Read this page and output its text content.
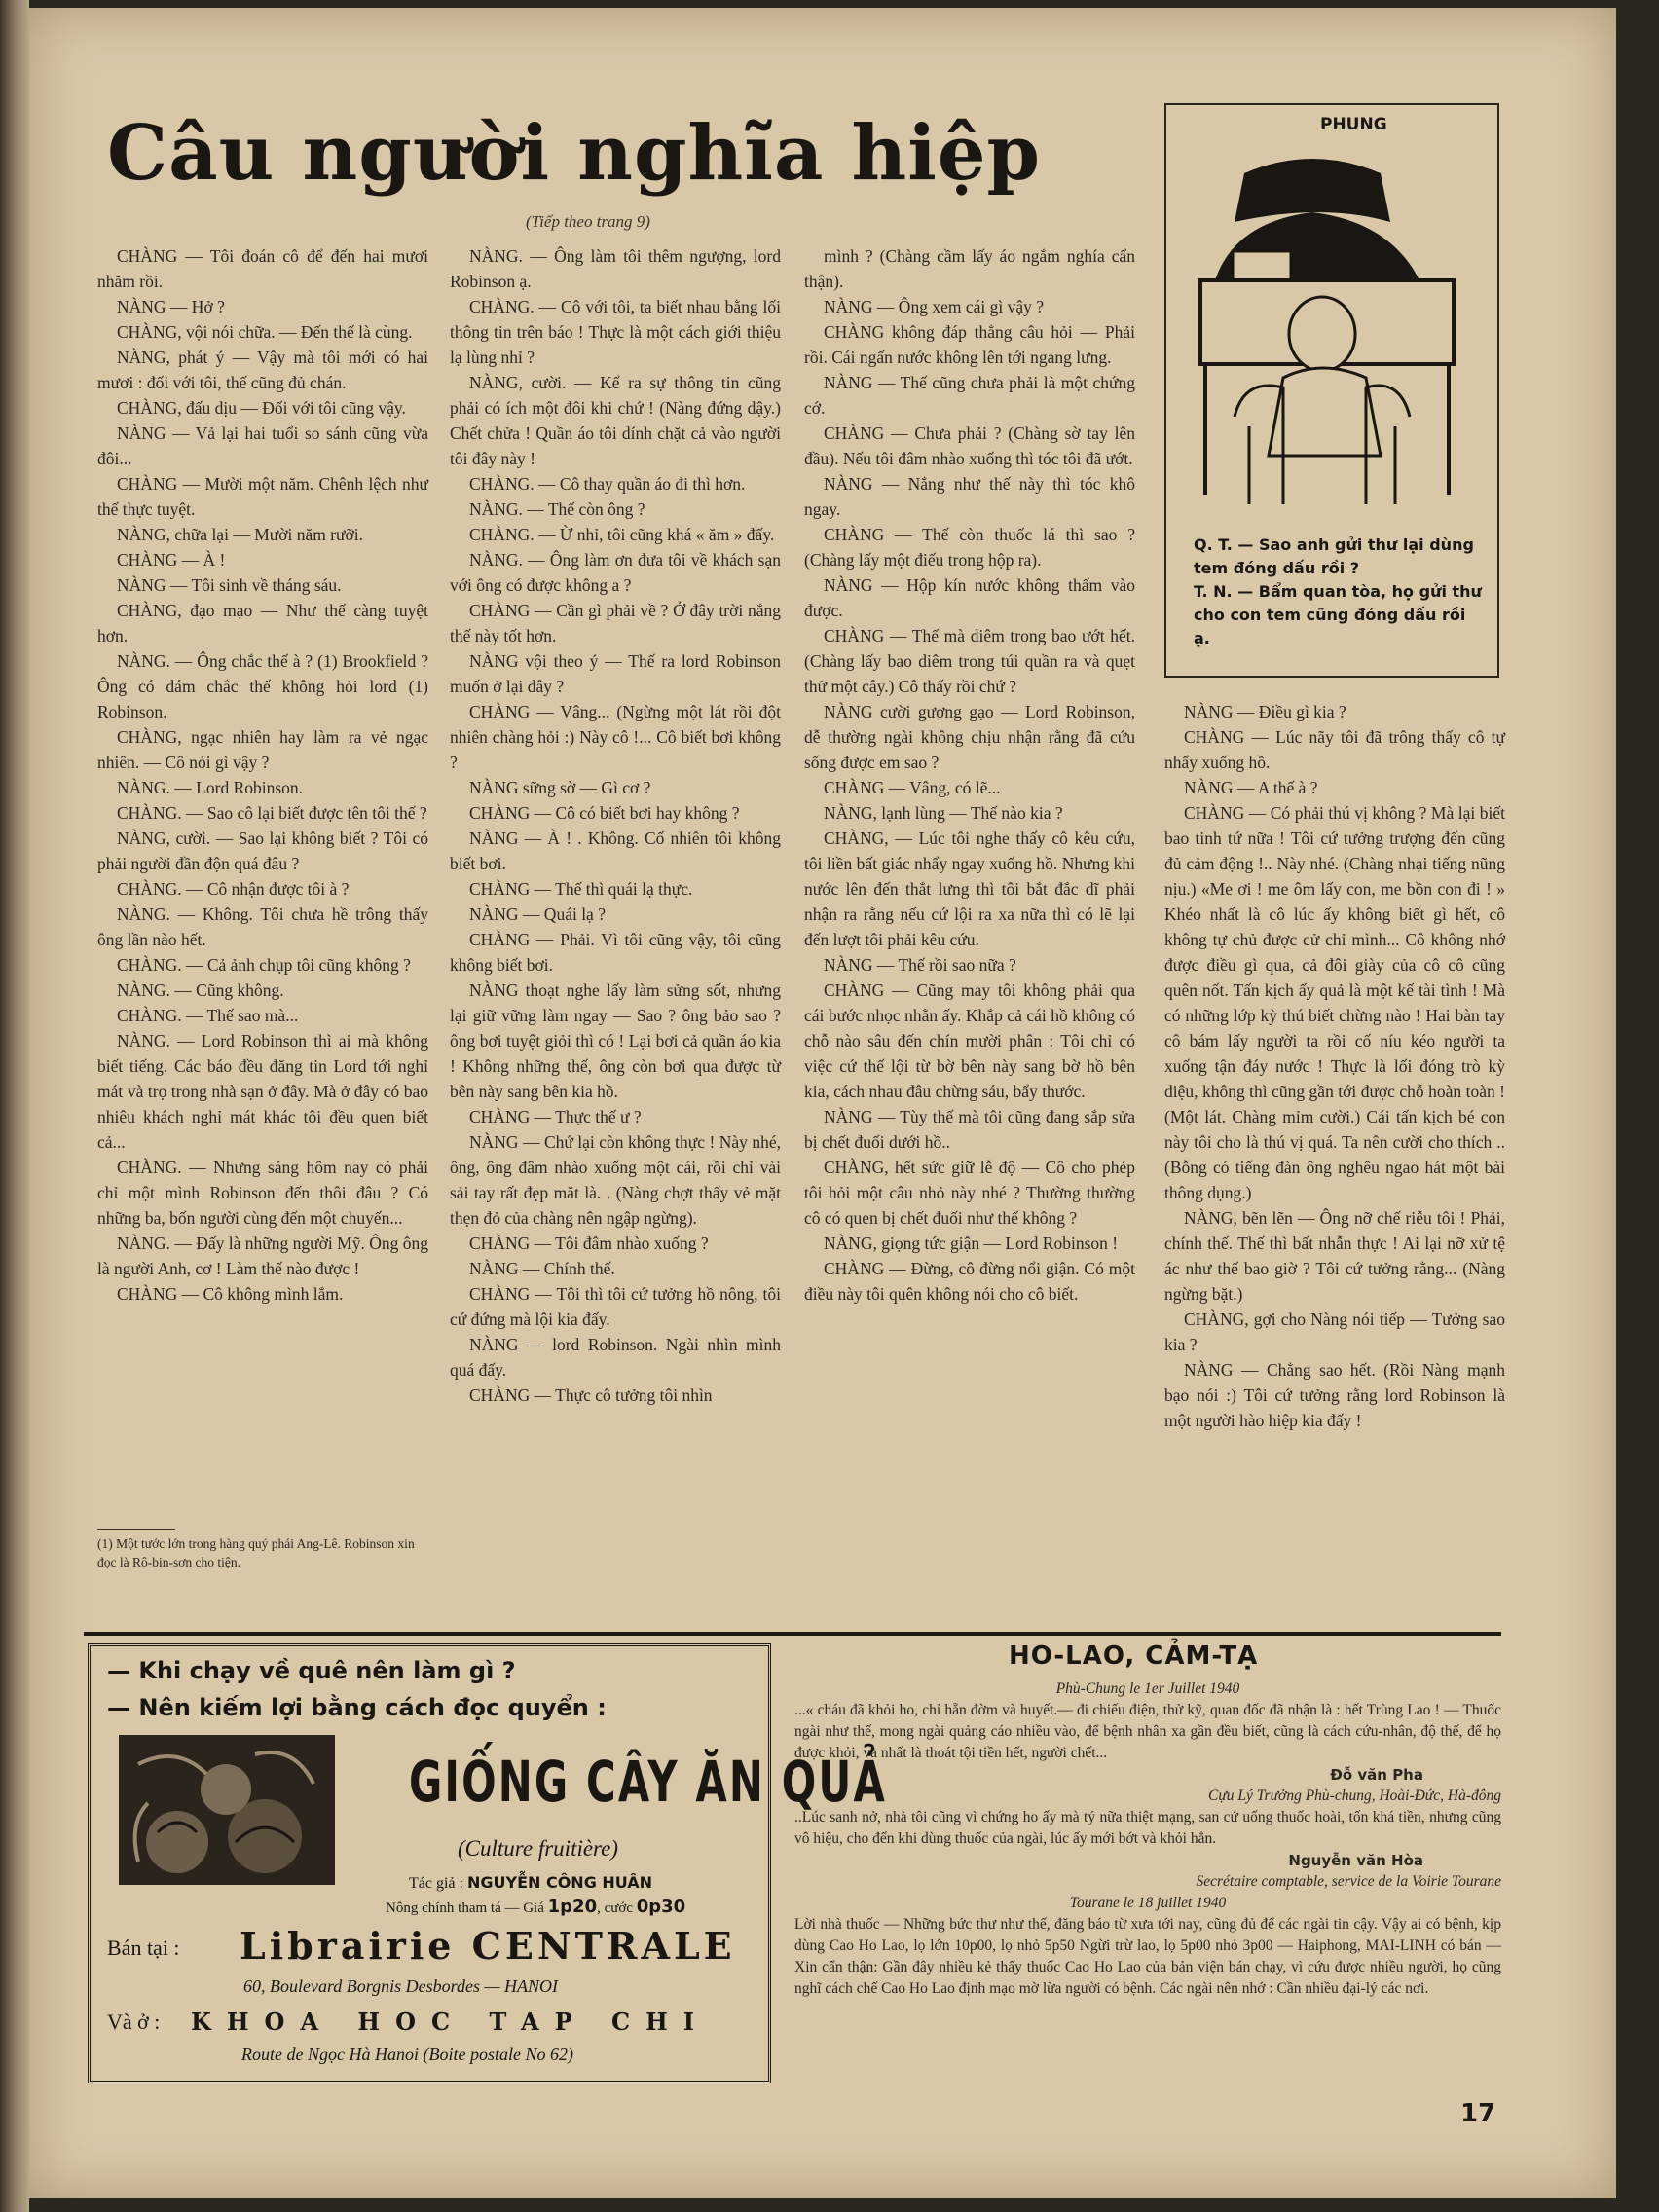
Câu người nghĩa hiệp
(Tiếp theo trang 9)

CHÀNG — Tôi đoán cô để đến hai mươi nhăm rồi.

NÀNG — Hở ?

CHÀNG, vội nói chữa. — Đến thế là cùng.

NÀNG, phát ý — Vậy mà tôi mới có hai mươi : đối với tôi, thế cũng đủ chán.

CHÀNG, đấu dịu — Đối với tôi cũng vậy.

NÀNG — Vả lại hai tuổi so sánh cũng vừa đôi...

CHÀNG — Mười một năm. Chênh lệch như thế thực tuyệt.

NÀNG, chữa lại — Mười năm rưỡi.

CHÀNG — À !

NÀNG — Tôi sinh về tháng sáu.

CHÀNG, đạo mạo — Như thế càng tuyệt hơn.

NÀNG. — Ông chắc thế à ? (1) Brookfield ? Ông có dám chắc thế không hỏi lord (1) Robinson.

CHÀNG, ngạc nhiên hay làm ra vẻ ngạc nhiên. — Cô nói gì vậy ?

NÀNG. — Lord Robinson.

CHÀNG. — Sao cô lại biết được tên tôi thế ?

NÀNG, cười. — Sao lại không biết ? Tôi có phải người đần độn quá đâu ?

CHÀNG. — Cô nhận được tôi à ?

NÀNG. — Không. Tôi chưa hề trông thấy ông lần nào hết.

CHÀNG. — Cả ảnh chụp tôi cũng không ?

NÀNG. — Cũng không.

CHÀNG. — Thế sao mà...

NÀNG. — Lord Robinson thì ai mà không biết tiếng. Các báo đều đăng tin Lord tới nghỉ mát và trọ trong nhà sạn ở đây. Mà ở đây có bao nhiêu khách nghỉ mát khác tôi đều quen biết cả...

CHÀNG. — Nhưng sáng hôm nay có phải chỉ một mình Robinson đến thôi đâu ? Có những ba, bốn người cùng đến một chuyến...

NÀNG. — Đấy là những người Mỹ. Ông ông là người Anh, cơ ! Làm thế nào được !

CHÀNG — Cô không mình lắm.

(1) Một tước lớn trong hàng quý phái Ang-Lê. Robinson xin đọc là Rô-bin-sơn cho tiện.

NÀNG. — Ông làm tôi thêm ngượng, lord Robinson ạ.

CHÀNG. — Cô với tôi, ta biết nhau bằng lối thông tin trên báo ! Thực là một cách giới thiệu lạ lùng nhỉ ?

NÀNG, cười. — Kể ra sự thông tin cũng phải có ích một đôi khi chứ ! (Nàng đứng dậy.) Chết chửa ! Quần áo tôi dính chặt cả vào người tôi đây này !

CHÀNG. — Cô thay quần áo đi thì hơn.

NÀNG. — Thế còn ông ?

CHÀNG. — Ừ nhỉ, tôi cũng khá « ăm » đấy.

NÀNG. — Ông làm ơn đưa tôi về khách sạn với ông có được không a ?

CHÀNG — Cần gì phải về ? Ở đây trời nắng thế này tốt hơn.

NÀNG vội theo ý — Thế ra lord Robinson muốn ở lại đây ?

CHÀNG — Vâng... (Ngừng một lát rồi đột nhiên chàng hỏi :) Này cô !... Cô biết bơi không ?

NÀNG sững sờ — Gì cơ ?

CHÀNG — Cô có biết bơi hay không ?

NÀNG — À ! . Không. Cố nhiên tôi không biết bơi.

CHÀNG — Thế thì quái lạ thực.

NÀNG — Quái lạ ?

CHÀNG — Phải. Vì tôi cũng vậy, tôi cũng không biết bơi.

NÀNG thoạt nghe lấy làm sửng sốt, nhưng lại giữ vững làm ngay — Sao ? ông bảo sao ? ông bơi tuyệt giỏi thì có ! Lại bơi cả quần áo kia ! Không những thế, ông còn bơi qua được từ bên này sang bên kia hồ.

CHÀNG — Thực thế ư ?

NÀNG — Chứ lại còn không thực ! Này nhé, ông, ông đâm nhào xuống một cái, rồi chỉ vài sải tay rất đẹp mắt là. . (Nàng chợt thấy vẻ mặt thẹn đỏ của chàng nên ngập ngừng).

CHÀNG — Tôi đâm nhào xuống ?

NÀNG — Chính thế.

CHÀNG — Tôi thì tôi cứ tưởng hồ nông, tôi cứ đứng mà lội kia đấy.

NÀNG — lord Robinson. Ngài nhìn mình quá đấy.

CHÀNG — Thực cô tưởng tôi nhìn

mình ? (Chàng cầm lấy áo ngắm nghía cẩn thận).

NÀNG — Ông xem cái gì vậy ?

CHÀNG không đáp thẳng câu hỏi — Phải rồi. Cái ngấn nước không lên tới ngang lưng.

NÀNG — Thế cũng chưa phải là một chứng cớ.

CHÀNG — Chưa phải ? (Chàng sờ tay lên đầu). Nếu tôi đâm nhào xuống thì tóc tôi đã ướt.

NÀNG — Nắng như thế này thì tóc khô ngay.

CHÀNG — Thế còn thuốc lá thì sao ? (Chàng lấy một điếu trong hộp ra).

NÀNG — Hộp kín nước không thấm vào được.

CHÀNG — Thế mà diêm trong bao ướt hết. (Chàng lấy bao diêm trong túi quần ra và quẹt thử một cây.) Cô thấy rồi chứ ?

NÀNG cười gượng gạo — Lord Robinson, dễ thường ngài không chịu nhận rằng đã cứu sống được em sao ?

CHÀNG — Vâng, có lẽ...

NÀNG, lạnh lùng — Thế nào kia ?

CHÀNG, — Lúc tôi nghe thấy cô kêu cứu, tôi liền bất giác nhẩy ngay xuống hồ. Nhưng khi nước lên đến thắt lưng thì tôi bắt đắc dĩ phải nhận ra rằng nếu cứ lội ra xa nữa thì có lẽ lại đến lượt tôi phải kêu cứu.

NÀNG — Thế rồi sao nữa ?

CHÀNG — Cũng may tôi không phải qua cái bước nhọc nhằn ấy. Khắp cả cái hồ không có chỗ nào sâu đến chín mười phân : Tôi chỉ có việc cứ thế lội từ bờ bên này sang bờ hồ bên kia, cách nhau đâu chừng sáu, bẩy thước.

NÀNG — Tùy thế mà tôi cũng đang sắp sửa bị chết đuối dưới hồ..

CHÀNG, hết sức giữ lễ độ — Cô cho phép tôi hỏi một câu nhỏ này nhé ? Thường thường cô có quen bị chết đuối như thế không ?

NÀNG, giọng tức giận — Lord Robinson !

CHÀNG — Đừng, cô đừng nổi giận. Có một điều này tôi quên không nói cho cô biết.

NÀNG — Điều gì kia ?

CHÀNG — Lúc nãy tôi đã trông thấy cô tự nhẩy xuống hồ.

NÀNG — A thế à ?

CHÀNG — Có phải thú vị không ? Mà lại biết bao tinh tứ nữa ! Tôi cứ tưởng trượng đến cũng đủ cảm động !.. Này nhé. (Chàng nhại tiếng nũng nịu.) «Me ơi ! me ôm lấy con, me bồn con đi ! » Khéo nhất là cô lúc ấy không biết gì hết, cô không tự chủ được cử chỉ mình... Cô không nhớ được điều gì qua, cả đôi giày của cô cô cũng quên nốt. Tấn kịch ấy quả là một kế tài tình ! Mà có những lớp kỳ thú biết chừng nào ! Hai bàn tay cô bám lấy người ta rồi cố níu kéo người ta xuống tận đáy nước ! Thực là lối đóng trò kỳ diệu, không thì cũng gần tới được chỗ hoàn toàn ! (Một lát. Chàng mỉm cười.) Cái tấn kịch bé con này tôi cho là thú vị quá. Ta nên cười cho thích .. (Bỗng có tiếng đàn ông nghêu ngao hát một bài thông dụng.)

NÀNG, bẽn lẽn — Ông nỡ chế riễu tôi ! Phải, chính thế. Thế thì bất nhẫn thực ! Ai lại nỡ xử tệ ác như thế bao giờ ? Tôi cứ tưởng rằng... (Nàng ngừng bặt.)

CHÀNG, gợi cho Nàng nói tiếp — Tưởng sao kia ?

NÀNG — Chẳng sao hết. (Rồi Nàng mạnh bạo nói :) Tôi cứ tưởng rằng lord Robinson là một người hào hiệp kia đấy !

PHUNG

Q. T. — Sao anh gửi thư lại dùng tem đóng dấu rồi ?

T. N. — Bẩm quan tòa, họ gửi thư cho con tem cũng đóng dấu rồi ạ.

— Khi chạy về quê nên làm gì ?
— Nên kiếm lợi bằng cách đọc quyển :
GIỐNG CÂY ĂN QUẢ
(Culture fruitière)
Tác giả : NGUYỄN CÔNG HUÂN
Nông chính tham tá — Giá 1p20, cước 0p30
Bán tại : Librairie CENTRALE
60, Boulevard Borgnis Desbordes — HANOI
Và ở : KHOA HOC TAP CHI
Route de Ngọc Hà Hanoi (Boite postale No 62)
HO-LAO, CẢM-TẠ

Phù-Chung le 1er Juillet 1940

...« cháu đã khỏi ho, chỉ hẵn đờm và huyết.— đi chiếu điện, thử kỹ, quan đốc đã nhận là : hết Trùng Lao ! — Thuốc ngài như thế, mong ngài quảng cáo nhiều vào, để bệnh nhân xa gần đều biết, cũng là cách cứu-nhân, độ thế, để họ được khỏi, và nhất là thoát tội tiền hết, người chết...

Đỗ văn Pha

Cựu Lý Trưởng Phù-chung, Hoài-Đức, Hà-đông

..Lúc sanh nở, nhà tôi cũng vì chứng ho ấy mà tý nữa thiệt mạng, san cứ uống thuốc hoài, tốn khá tiền, nhưng cũng vô hiệu, cho đến khi dùng thuốc của ngài, lúc ấy mới bớt và khỏi hẳn.

Nguyễn văn Hòa

Secrétaire comptable, service de la Voirie Tourane

Tourane le 18 juillet 1940

Lời nhà thuốc — Những bức thư như thế, đăng báo từ xưa tới nay, cũng đủ để các ngài tin cậy. Vậy ai có bệnh, kịp dùng Cao Ho Lao, lọ lớn 10p00, lọ nhỏ 5p50 Ngừi trừ lao, lọ 5p00 nhỏ 3p00 — Haiphong, MAI-LINH có bán — Xin cẩn thận: Gần đây nhiều kẻ thấy thuốc Cao Ho Lao của bản viện bán chạy, vì cứu được nhiều người, họ cũng nghĩ cách chế Cao Ho Lao định mạo mờ lừa người có bệnh. Các ngài nên nhớ : Cần nhiều đại-lý các nơi.

17
